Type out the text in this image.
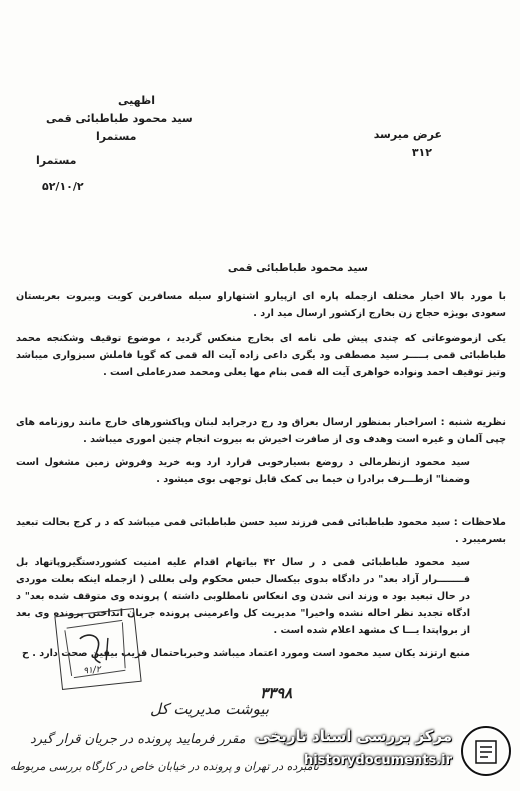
اظهیی
سید محمود طباطبائی قمی
مستمرا
مستمرا
۵۲/۱۰/۲
عرض میرسد
۳۱۲
سید محمود طباطبائی قمی

با مورد بالا اخبار مختلف ازجمله پاره ای ازپیارو اشتهاراو سیله مسافرین کویت وبیروت بعربستان سعودی بویژه حجاج زن بخارج ازکشور ارسال مید ارد .

یکی ازموضوعاتی که چندی پیش طی نامه ای بخارج منعکس گردید ، موضوع توقیف وشکنجه محمد طباطبائی قمی بـــــر سید مصطفی ود یگری داعی زاده آیت اله قمی که گویا فاملش سبزواری میباشد وتیز توقیف احمد ونواده خواهری آیت اله قمی بنام مها یعلی ومحمد صدرعاملی است .

نظریه شنبه : اسراخبار بمنظور ارسال بعراق ود رج درجراید لبنان وپاکشورهای خارج مانند روزنامه های چپی آلمان و غیره است وهدف وی از صافرت اخیرش به بیروت انجام چنین اموری میباشد .

سید محمود ازنظرمالی د روضع بسیارخوبی قرارد ارد وبه خرید وفروش زمین مشغول است وضمنا" ازطـــرف برادرا ن خیما بی کمک قابل توجهی بوی میشود .

ملاحظات : سید محمود طباطبائی قمی فرزند سید حسن طباطبائی قمی میباشد که د ر کرج بحالت تبعید بسرمیبرد .

سید محمود طباطبائی قمی د ر سال ۴۲ بیاتهام اقدام علیه امنیت کشوردستگیروپاتهاد بل قــــــــرار آزاد بعد" در دادگاه بدوی بیکسال حبس محکوم ولی بعللی ( ازجمله اینکه بعلت موردی در حال تبعید بود ه وزند انی شدن وی انعکاس نامطلوبی داشته ) پرونده وی متوقف شده بعد" د ادگاه تجدید نظر احاله نشده واخیرا" مدیریت کل واعرمینی پرونده جریان انداختن پرونده وی بعد از برواپتدا یـــا ک مشهد اعلام شده است .

منبع ارتزند یکان سید محمود است ومورد اعتماد میباشد وخبرباحتمال قریب بیقین صحت دارد . ح

۹۱/۲
بیوشت مدیریت کل
۳۳۹۸
مقرر فرمایید پرونده در جریان قرار گیرد
نامبرده در تهران و پرونده در خیابان خاص در کارگاه بررسی مربوطه
مرکز بررسی اسناد تاریخی
historydocuments.ir
